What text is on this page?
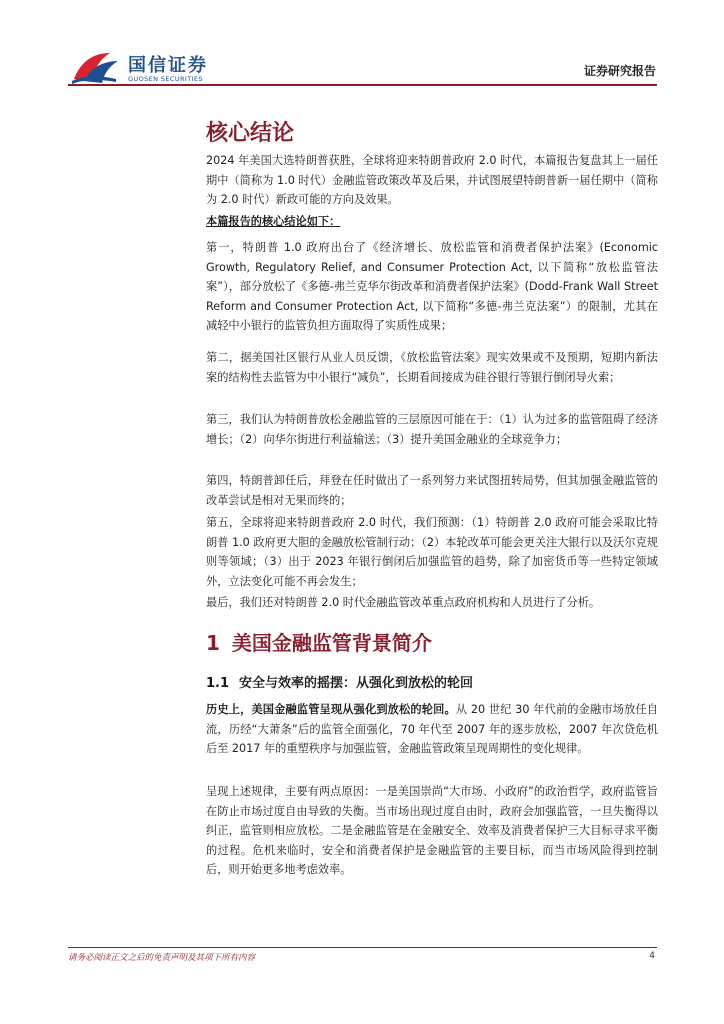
国信证券
GUOSEN SECURITIES
证券研究报告
核心结论

2024 年美国大选特朗普获胜，全球将迎来特朗普政府 2.0 时代，本篇报告复盘其上一届任期中（简称为 1.0 时代）金融监管政策改革及后果，并试图展望特朗普新一届任期中（简称为 2.0 时代）新政可能的方向及效果。

本篇报告的核心结论如下：

第一，特朗普 1.0 政府出台了《经济增长、放松监管和消费者保护法案》(Economic Growth, Regulatory Relief, and Consumer Protection Act, 以下简称“放松监管法案”），部分放松了《多德-弗兰克华尔街改革和消费者保护法案》(Dodd-Frank Wall Street Reform and Consumer Protection Act, 以下简称“多德-弗兰克法案”）的限制，尤其在减轻中小银行的监管负担方面取得了实质性成果；

第二，据美国社区银行从业人员反馈，《放松监管法案》现实效果或不及预期，短期内新法案的结构性去监管为中小银行“减负”，长期看间接成为硅谷银行等银行倒闭导火索；

第三，我们认为特朗普放松金融监管的三层原因可能在于：（1）认为过多的监管阻碍了经济增长；（2）向华尔街进行利益输送；（3）提升美国金融业的全球竞争力；

第四，特朗普卸任后，拜登在任时做出了一系列努力来试图扭转局势，但其加强金融监管的改革尝试是相对无果而终的；

第五，全球将迎来特朗普政府 2.0 时代，我们预测：（1）特朗普 2.0 政府可能会采取比特朗普 1.0 政府更大胆的金融放松管制行动；（2）本轮改革可能会更关注大银行以及沃尔克规则等领域；（3）出于 2023 年银行倒闭后加强监管的趋势，除了加密货币等一些特定领域外，立法变化可能不再会发生；

最后，我们还对特朗普 2.0 时代金融监管改革重点政府机构和人员进行了分析。

1 美国金融监管背景简介
1.1 安全与效率的摇摆：从强化到放松的轮回

历史上，美国金融监管呈现从强化到放松的轮回。从 20 世纪 30 年代前的金融市场放任自流，历经“大萧条”后的监管全面强化，70 年代至 2007 年的逐步放松，2007 年次贷危机后至 2017 年的重塑秩序与加强监管，金融监管政策呈现周期性的变化规律。

呈现上述规律，主要有两点原因：一是美国崇尚“大市场、小政府”的政治哲学，政府监管旨在防止市场过度自由导致的失衡。当市场出现过度自由时，政府会加强监管，一旦失衡得以纠正，监管则相应放松。二是金融监管是在金融安全、效率及消费者保护三大目标寻求平衡的过程。危机来临时，安全和消费者保护是金融监管的主要目标，而当市场风险得到控制后，则开始更多地考虑效率。

请务必阅读正文之后的免责声明及其项下所有内容	4
